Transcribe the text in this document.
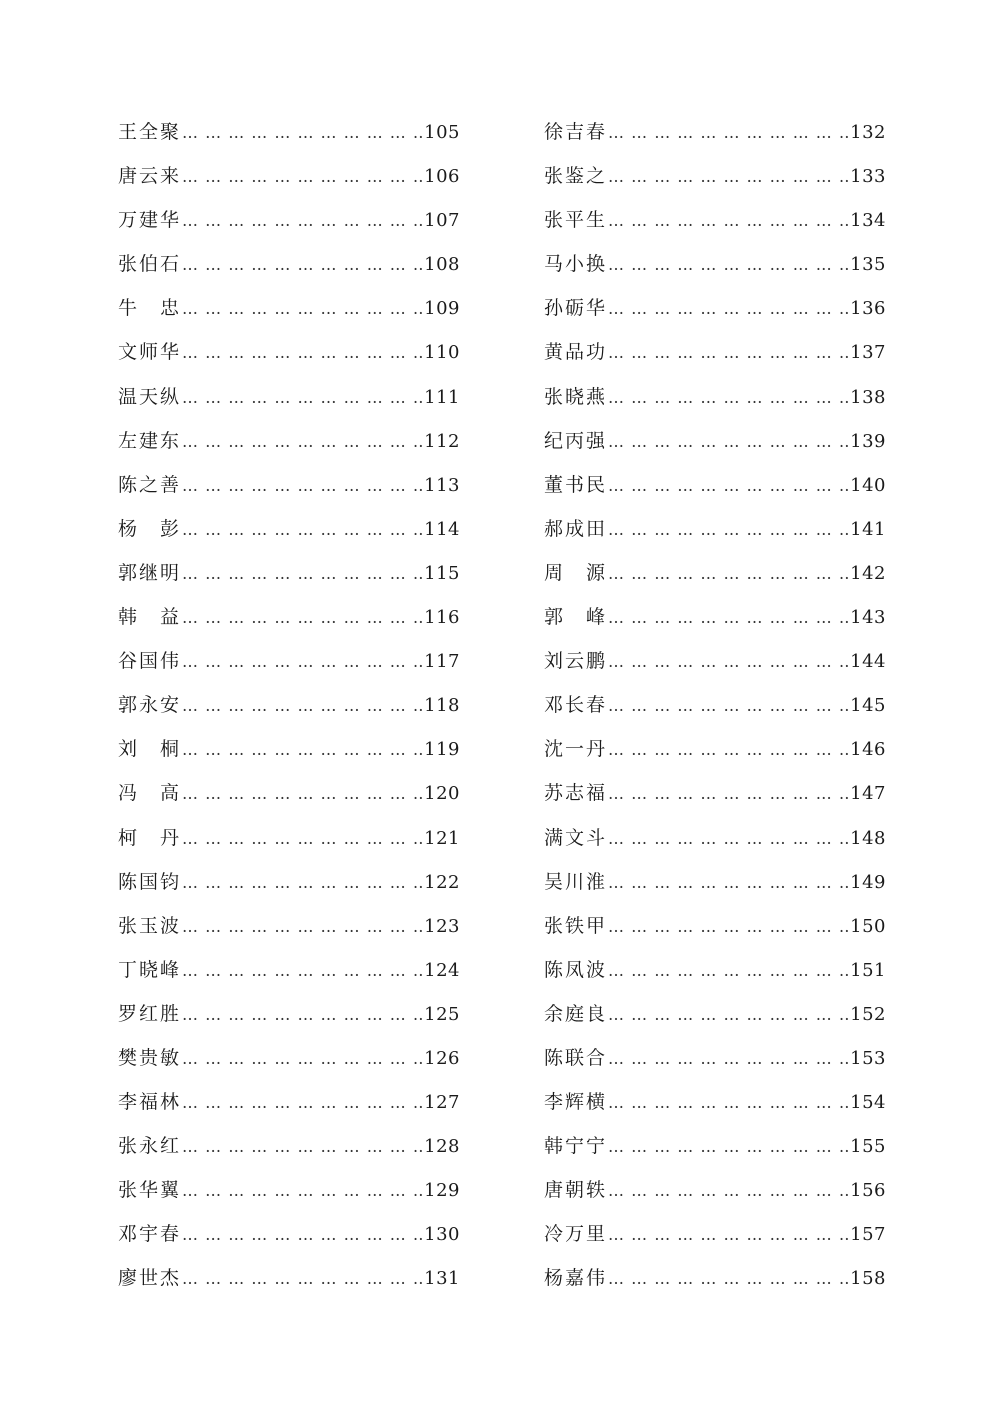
王全聚 … … … … … … … … … … … … … … … … … … … … … … … … … … … … … …	105
唐云来 … … … … … … … … … … … … … … … … … … … … … … … … … … … … … …	106
万建华 … … … … … … … … … … … … … … … … … … … … … … … … … … … … … …	107
张伯石 … … … … … … … … … … … … … … … … … … … … … … … … … … … … … …	108
牛　忠 … … … … … … … … … … … … … … … … … … … … … … … … … … … … … …	109
文师华 … … … … … … … … … … … … … … … … … … … … … … … … … … … … … …	110
温天纵 … … … … … … … … … … … … … … … … … … … … … … … … … … … … … …	111
左建东 … … … … … … … … … … … … … … … … … … … … … … … … … … … … … …	112
陈之善 … … … … … … … … … … … … … … … … … … … … … … … … … … … … … …	113
杨　彭 … … … … … … … … … … … … … … … … … … … … … … … … … … … … … …	114
郭继明 … … … … … … … … … … … … … … … … … … … … … … … … … … … … … …	115
韩　益 … … … … … … … … … … … … … … … … … … … … … … … … … … … … … …	116
谷国伟 … … … … … … … … … … … … … … … … … … … … … … … … … … … … … …	117
郭永安 … … … … … … … … … … … … … … … … … … … … … … … … … … … … … …	118
刘　桐 … … … … … … … … … … … … … … … … … … … … … … … … … … … … … …	119
冯　高 … … … … … … … … … … … … … … … … … … … … … … … … … … … … … …	120
柯　丹 … … … … … … … … … … … … … … … … … … … … … … … … … … … … … …	121
陈国钧 … … … … … … … … … … … … … … … … … … … … … … … … … … … … … …	122
张玉波 … … … … … … … … … … … … … … … … … … … … … … … … … … … … … …	123
丁晓峰 … … … … … … … … … … … … … … … … … … … … … … … … … … … … … …	124
罗红胜 … … … … … … … … … … … … … … … … … … … … … … … … … … … … … …	125
樊贵敏 … … … … … … … … … … … … … … … … … … … … … … … … … … … … … …	126
李福林 … … … … … … … … … … … … … … … … … … … … … … … … … … … … … …	127
张永红 … … … … … … … … … … … … … … … … … … … … … … … … … … … … … …	128
张华翼 … … … … … … … … … … … … … … … … … … … … … … … … … … … … … …	129
邓宇春 … … … … … … … … … … … … … … … … … … … … … … … … … … … … … …	130
廖世杰 … … … … … … … … … … … … … … … … … … … … … … … … … … … … … …	131
徐吉春 … … … … … … … … … … … … … … … … … … … … … … … … … … … … … …	132
张鉴之 … … … … … … … … … … … … … … … … … … … … … … … … … … … … … …	133
张平生 … … … … … … … … … … … … … … … … … … … … … … … … … … … … … …	134
马小换 … … … … … … … … … … … … … … … … … … … … … … … … … … … … … …	135
孙砺华 … … … … … … … … … … … … … … … … … … … … … … … … … … … … … …	136
黄品功 … … … … … … … … … … … … … … … … … … … … … … … … … … … … … …	137
张晓燕 … … … … … … … … … … … … … … … … … … … … … … … … … … … … … …	138
纪丙强 … … … … … … … … … … … … … … … … … … … … … … … … … … … … … …	139
董书民 … … … … … … … … … … … … … … … … … … … … … … … … … … … … … …	140
郝成田 … … … … … … … … … … … … … … … … … … … … … … … … … … … … … …	141
周　源 … … … … … … … … … … … … … … … … … … … … … … … … … … … … … …	142
郭　峰 … … … … … … … … … … … … … … … … … … … … … … … … … … … … … …	143
刘云鹏 … … … … … … … … … … … … … … … … … … … … … … … … … … … … … …	144
邓长春 … … … … … … … … … … … … … … … … … … … … … … … … … … … … … …	145
沈一丹 … … … … … … … … … … … … … … … … … … … … … … … … … … … … … …	146
苏志福 … … … … … … … … … … … … … … … … … … … … … … … … … … … … … …	147
满文斗 … … … … … … … … … … … … … … … … … … … … … … … … … … … … … …	148
吴川淮 … … … … … … … … … … … … … … … … … … … … … … … … … … … … … …	149
张铁甲 … … … … … … … … … … … … … … … … … … … … … … … … … … … … … …	150
陈凤波 … … … … … … … … … … … … … … … … … … … … … … … … … … … … … …	151
余庭良 … … … … … … … … … … … … … … … … … … … … … … … … … … … … … …	152
陈联合 … … … … … … … … … … … … … … … … … … … … … … … … … … … … … …	153
李辉横 … … … … … … … … … … … … … … … … … … … … … … … … … … … … … …	154
韩宁宁 … … … … … … … … … … … … … … … … … … … … … … … … … … … … … …	155
唐朝轶 … … … … … … … … … … … … … … … … … … … … … … … … … … … … … …	156
冷万里 … … … … … … … … … … … … … … … … … … … … … … … … … … … … … …	157
杨嘉伟 … … … … … … … … … … … … … … … … … … … … … … … … … … … … … …	158
